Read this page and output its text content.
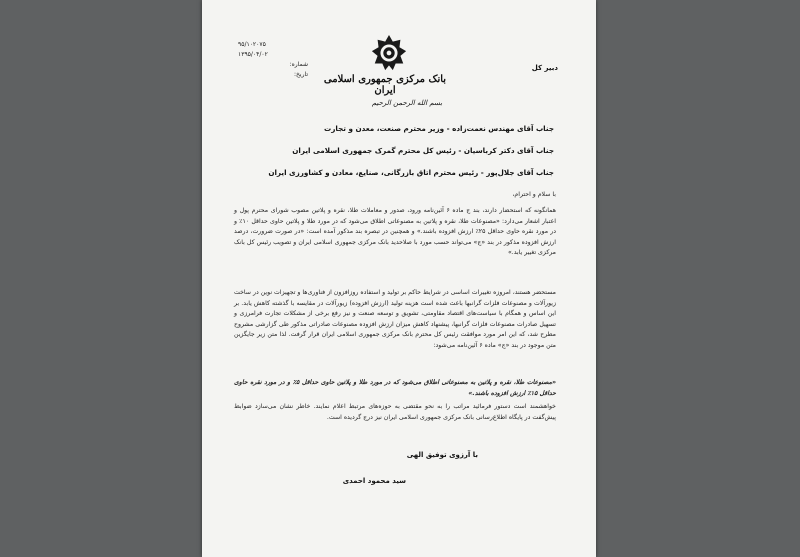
بانک مرکزی جمهوری اسلامی ایران
دبیر کل
۹۵/۱۰۲۰۷۵
۱۳۹۵/۰۴/۰۲
شماره:
تاریخ:
بسم الله الرحمن الرحیم
جناب آقای مهندس نعمت‌زاده - وزیر محترم صنعت، معدن و تجارت
جناب آقای دکتر کرباسیان - رئیس کل محترم گمرک جمهوری اسلامی ایران
جناب آقای جلال‌پور - رئیس محترم اتاق بازرگانی، صنایع، معادن و کشاورزی ایران
با سلام و احترام،
همانگونه که استحضار دارند، بند ج ماده ۶ آئین‌نامه ورود، صدور و معاملات طلا، نقره و پلاتین مصوب شورای محترم پول و اعتبار اشعار می‌دارد: «مصنوعات طلا، نقره و پلاتین به مصنوعاتی اطلاق می‌شود که در مورد طلا و پلاتین حاوی حداقل ۱۰٪ و در مورد نقره حاوی حداقل ۲۵٪ ارزش افزوده باشند.» و همچنین در تبصره بند مذکور آمده است: «در صورت ضرورت، درصد ارزش افزوده مذکور در بند «ج» می‌تواند حسب مورد با صلاحدید بانک مرکزی جمهوری اسلامی ایران و تصویب رئیس کل بانک مرکزی تغییر یابد.»
مستحضر هستند، امروزه تغییرات اساسی در شرایط حاکم بر تولید و استفاده روزافزون از فناوری‌ها و تجهیزات نوین در ساخت زیورآلات و مصنوعات فلزات گرانبها باعث شده است هزینه تولید (ارزش افزوده) زیورآلات در مقایسه با گذشته کاهش یابد. بر این اساس و همگام با سیاست‌های اقتصاد مقاومتی، تشویق و توسعه صنعت و نیز رفع برخی از مشکلات تجارت فرامرزی و تسهیل صادرات مصنوعات فلزات گرانبها، پیشنهاد کاهش میزان ارزش افزوده مصنوعات صادراتی مذکور طی گزارشی مشروح مطرح شد، که این امر مورد موافقت رئیس کل محترم بانک مرکزی جمهوری اسلامی ایران قرار گرفت. لذا متن زیر جایگزین متن موجود در بند «ج» ماده ۶ آئین‌نامه می‌شود:
«مصنوعات طلا، نقره و پلاتین به مصنوعاتی اطلاق می‌شود که در مورد طلا و پلاتین حاوی حداقل ۵٪ و در مورد نقره حاوی حداقل ۱۵٪ ارزش افزوده باشند.»
خواهشمند است دستور فرمائید مراتب را به نحو مقتضی به حوزه‌های مرتبط اعلام نمایند. خاطر نشان می‌سازد ضوابط پیش‌گفت در پایگاه اطلاع‌رسانی بانک مرکزی جمهوری اسلامی ایران نیز درج گردیده است.
با آرزوی توفیق الهی
سید محمود احمدی
